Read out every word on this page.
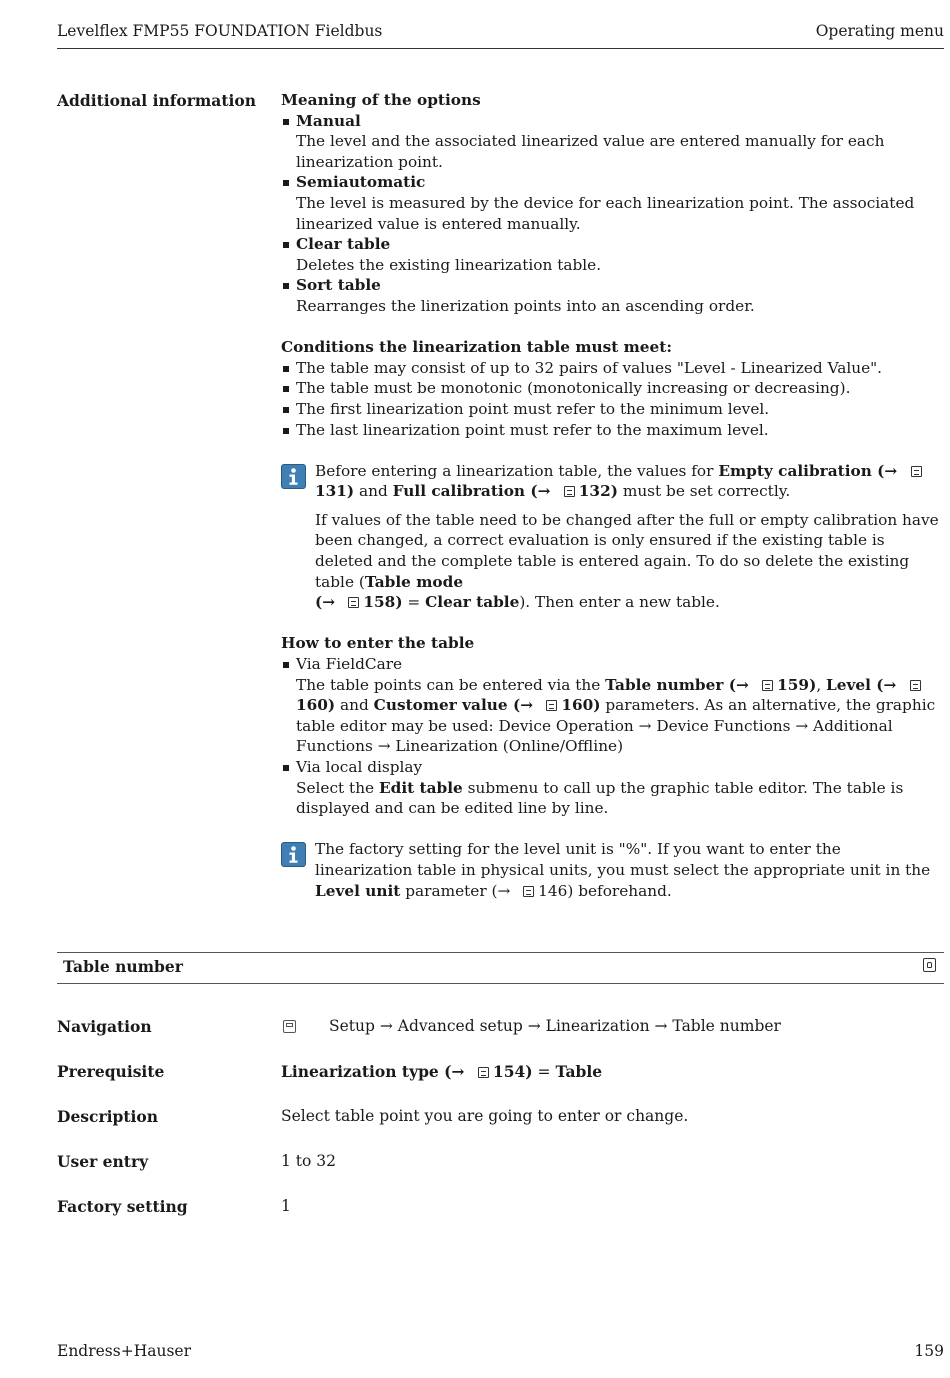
Levelflex FMP55 FOUNDATION Fieldbus	Operating menu
Additional information Meaning of the options
Manual
The level and the associated linearized value are entered manually for each linearization point.
Semiautomatic
The level is measured by the device for each linearization point. The associated linearized value is entered manually.
Clear table
Deletes the existing linearization table.
Sort table
Rearranges the linerization points into an ascending order.
Conditions the linearization table must meet:
The table may consist of up to 32 pairs of values "Level - Linearized Value".
The table must be monotonic (monotonically increasing or decreasing).
The first linearization point must refer to the minimum level.
The last linearization point must refer to the maximum level.

Before entering a linearization table, the values for Empty calibration (→ 131) and Full calibration (→ 132) must be set correctly.

If values of the table need to be changed after the full or empty calibration have been changed, a correct evaluation is only ensured if the existing table is deleted and the complete table is entered again. To do so delete the existing table (Table mode
(→ 158) = Clear table). Then enter a new table.

How to enter the table
Via FieldCare
The table points can be entered via the Table number (→ 159), Level (→ 160) and Customer value (→ 160) parameters. As an alternative, the graphic table editor may be used: Device Operation → Device Functions → Additional Functions → Linearization (Online/Offline)
Via local display
Select the Edit table submenu to call up the graphic table editor. The table is displayed and can be edited line by line.

The factory setting for the level unit is "%". If you want to enter the linearization table in physical units, you must select the appropriate unit in the Level unit parameter (→ 146) beforehand.

Table number
Navigation	Setup → Advanced setup → Linearization → Table number
Prerequisite	Linearization type (→ 154) = Table
Description	Select table point you are going to enter or change.
User entry	1 to 32
Factory setting	1
Endress+Hauser	159
